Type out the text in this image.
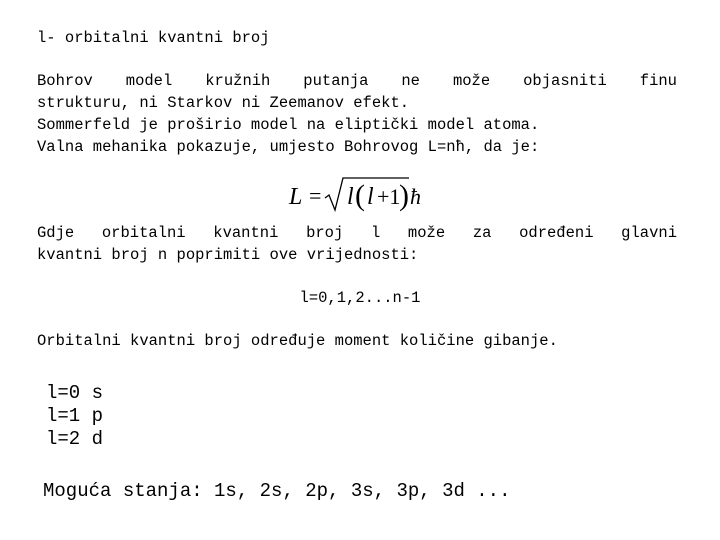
l- orbitalni kvantni broj
Bohrov model kružnih putanja ne može objasniti finu
strukturu, ni Starkov ni Zeemanov efekt.
Sommerfeld je proširio model na eliptički model atoma.
Valna mehanika pokazuje, umjesto Bohrovog L=nħ, da je:
L = l ( l +1
) ħ
Gdje orbitalni kvantni broj l može za određeni glavni
kvantni broj n poprimiti ove vrijednosti:
l=0,1,2...n-1
Orbitalni kvantni broj određuje moment količine gibanje.
l=0 s
l=1 p
l=2 d
Moguća stanja: 1s, 2s, 2p, 3s, 3p, 3d ...
